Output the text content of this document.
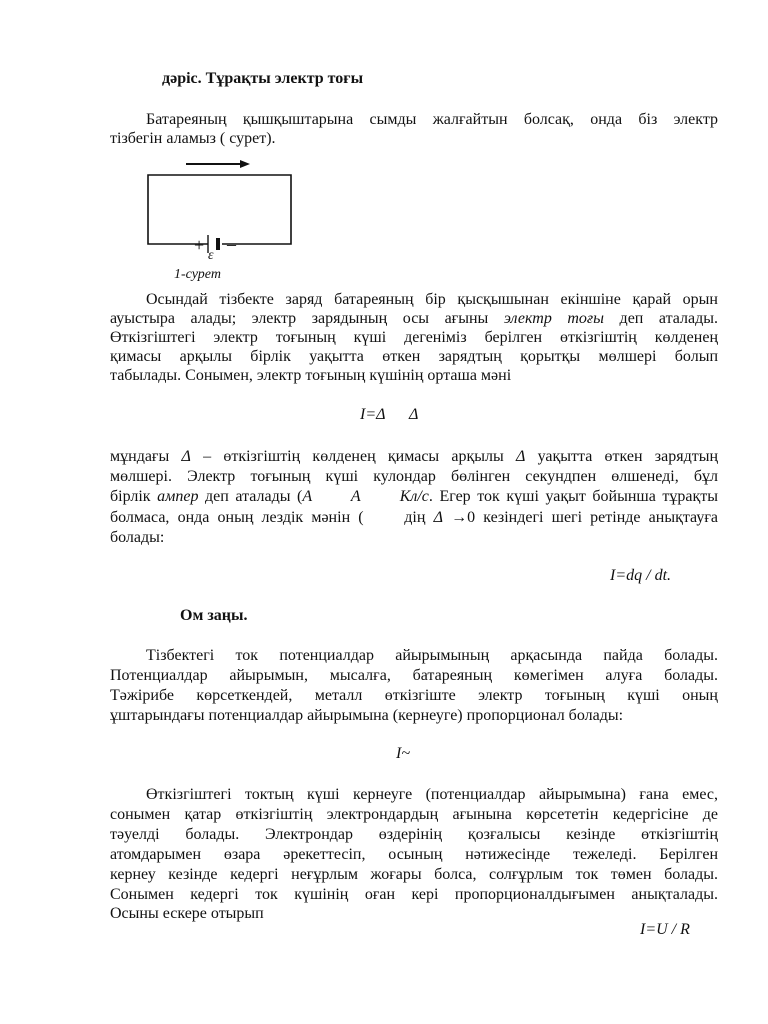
дәріс. Тұрақты электр тоғы
Батареяның қышқыштарына сымды жалғайтын болсақ, онда біз электр
тізбегін аламыз ( сурет).
+ –
ε
1-сурет
Осындай тізбекте заряд батареяның бір қысқышынан екіншіне қарай орын
ауыстыра алады; электр зарядының осы ағыны электр тоғы деп аталады.
Өткізгіштегі электр тоғының күші дегеніміз берілген өткізгіштің көлденең
қимасы арқылы бірлік уақытта өткен зарядтың қорытқы мөлшері болып
табылады. Сонымен, электр тоғының күшінің орташа мәні
I=Δ      Δ
мұндағы Δ – өткізгіштің көлденең қимасы арқылы Δ уақытта өткен зарядтың
мөлшері. Электр тоғының күші кулондар бөлінген секундпен өлшенеді, бұл
бірлік ампер деп аталады (A      A      Кл/с. Егер ток күші уақыт бойынша тұрақты
болмаса, онда оның лездік мәнін (     дің Δ →0 кезіндегі шегі ретінде анықтауға
болады:
I=dq / dt.
Ом заңы.
Тізбектегі ток потенциалдар айырымының арқасында пайда болады.
Потенциалдар айырымын, мысалға, батареяның көмегімен алуға болады.
Тәжірибе көрсеткендей, металл өткізгіште электр тоғының күші оның
ұштарындағы потенциалдар айырымына (кернеуге) пропорционал болады:
I~
Өткізгіштегі токтың күші кернеуге (потенциалдар айырымына) ғана емес,
сонымен қатар өткізгіштің электрондардың ағынына көрсететін кедергісіне де
тәуелді болады. Электрондар өздерінің қозғалысы кезінде өткізгіштің
атомдарымен өзара әрекеттесіп, осының нәтижесінде тежеледі. Берілген
кернеу кезінде кедергі неғұрлым жоғары болса, солғұрлым ток төмен болады.
Сонымен кедергі ток күшінің оған кері пропорционалдығымен анықталады.
Осыны ескере отырып
I=U / R
